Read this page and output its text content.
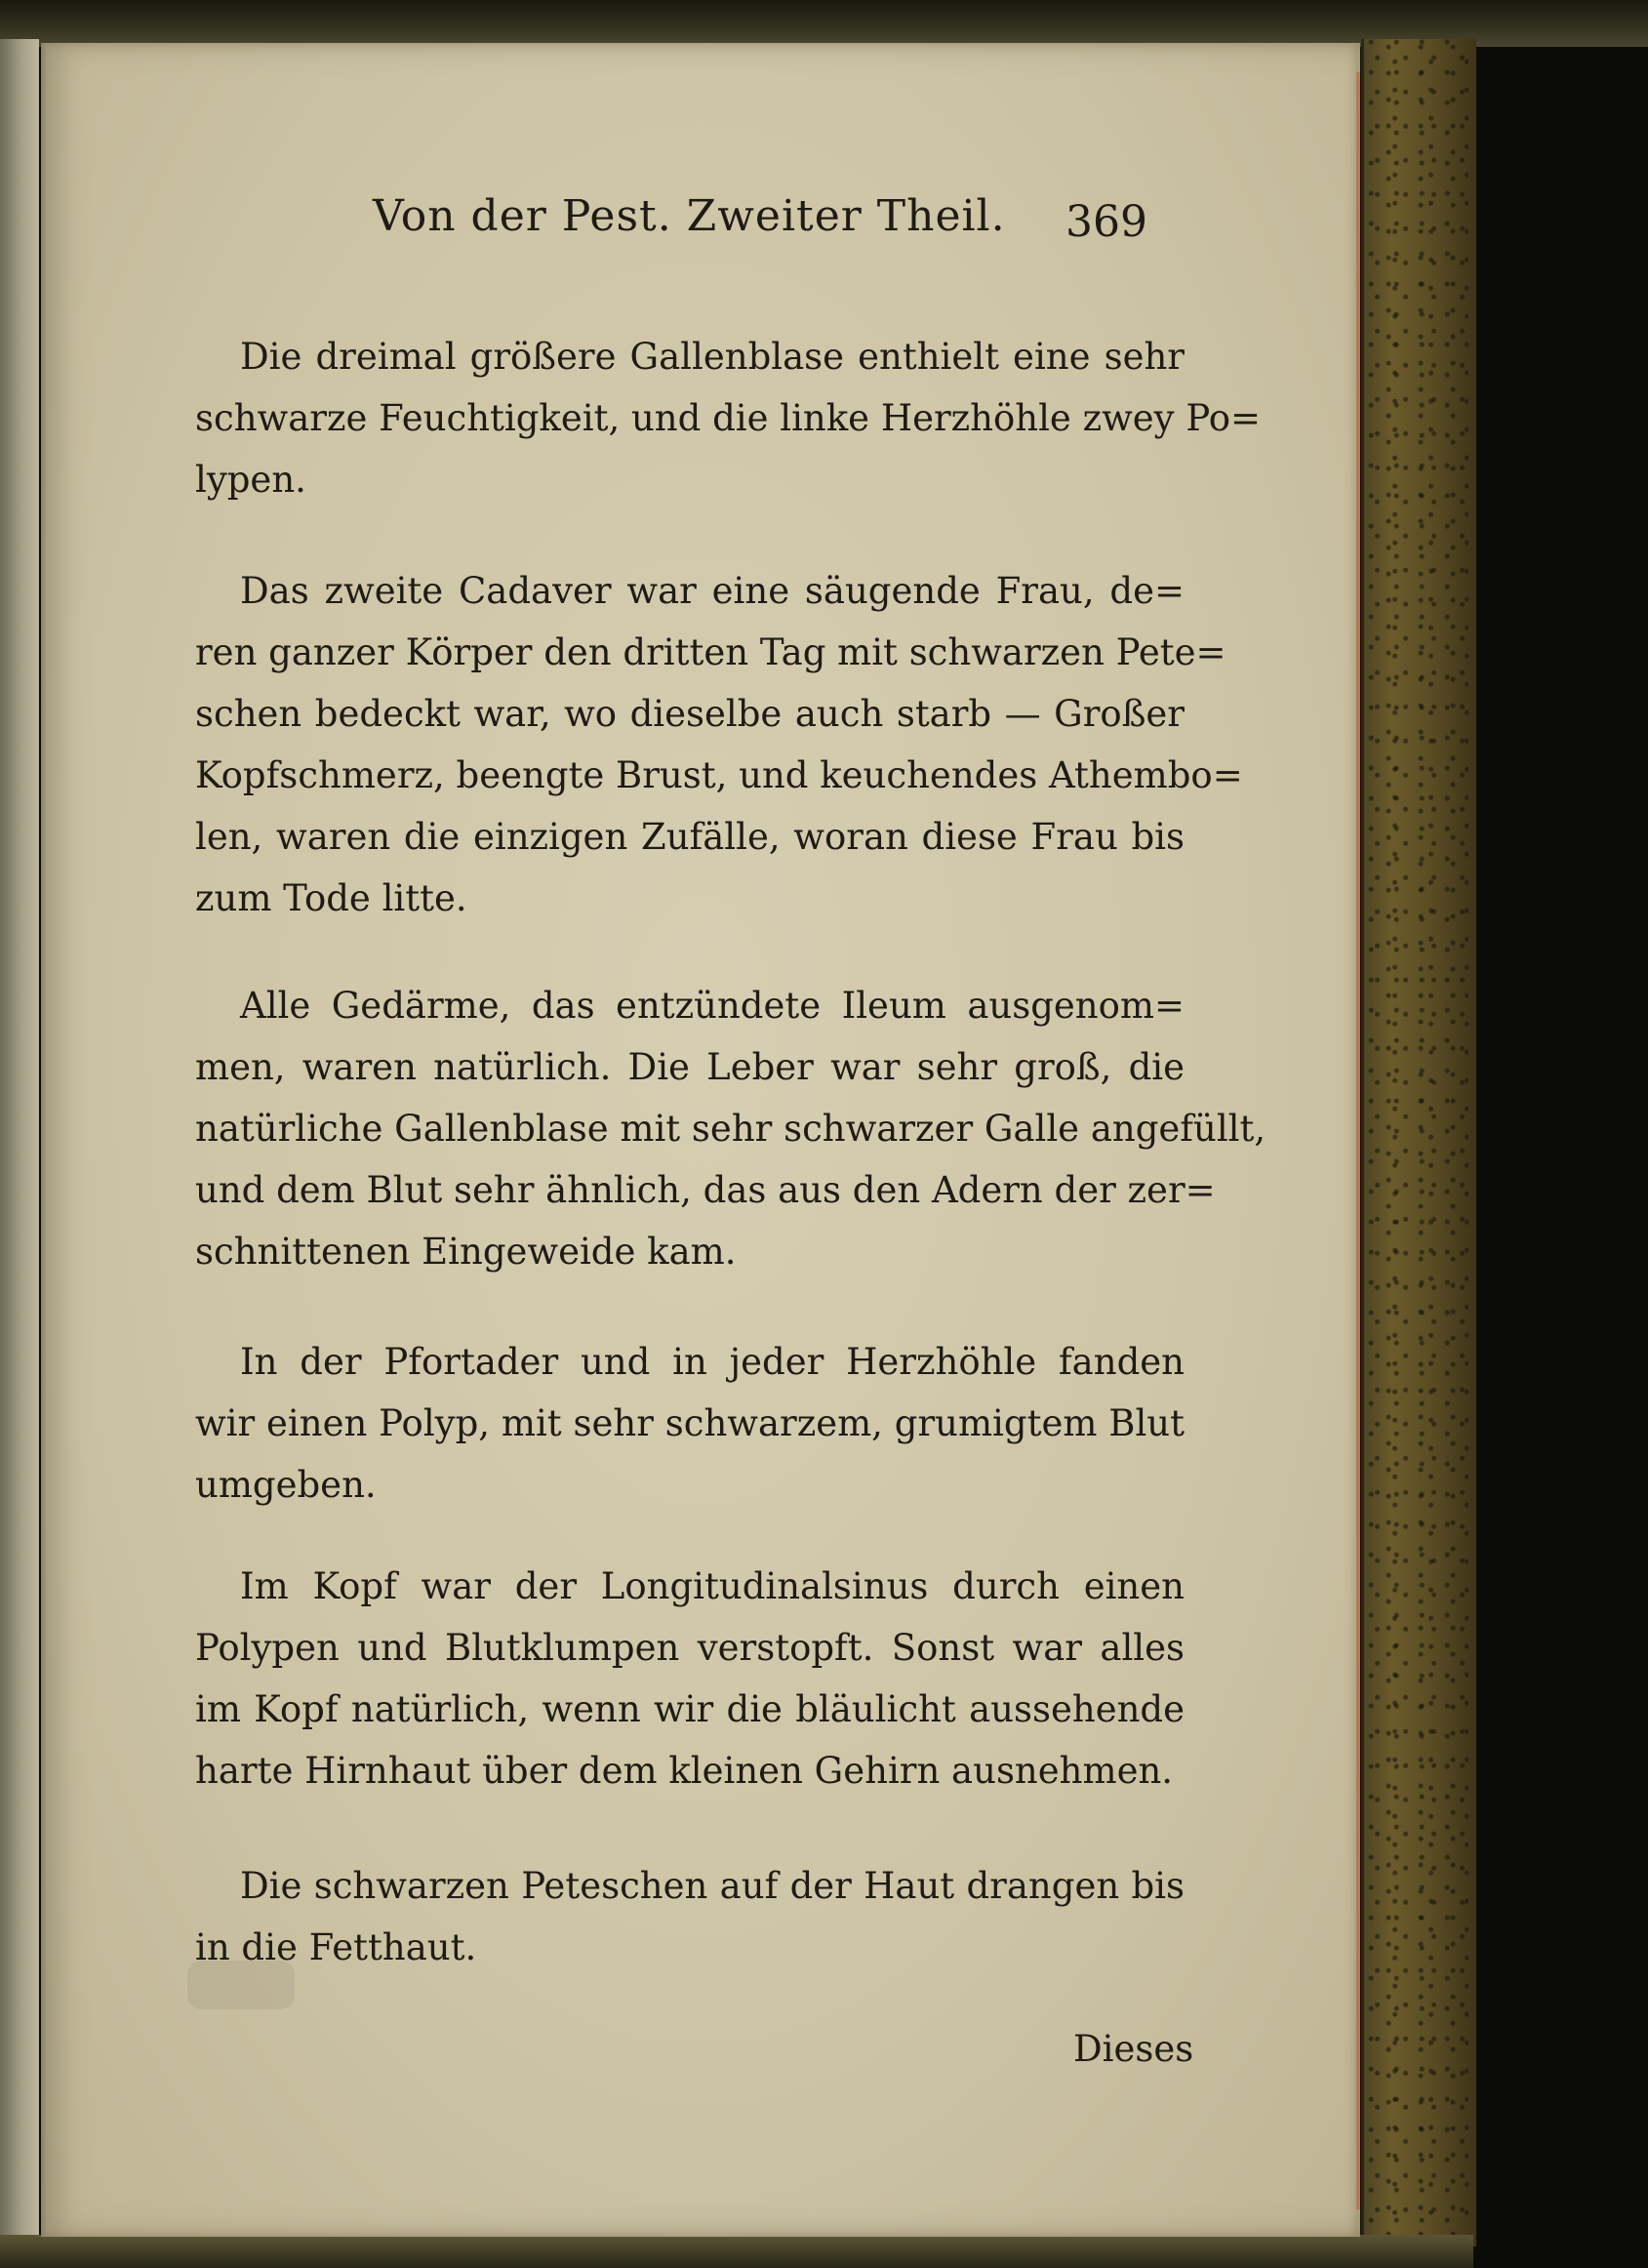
Von der Pest. Zweiter Theil. 369
Die dreimal größere Gallenblase enthielt eine sehr
schwarze Feuchtigkeit, und die linke Herzhöhle zwey Po=
lypen.
Das zweite Cadaver war eine säugende Frau, de=
ren ganzer Körper den dritten Tag mit schwarzen Pete=
schen bedeckt war, wo dieselbe auch starb — Großer
Kopfschmerz, beengte Brust, und keuchendes Athembo=
len, waren die einzigen Zufälle, woran diese Frau bis
zum Tode litte.
Alle Gedärme, das entzündete Ileum ausgenom=
men, waren natürlich. Die Leber war sehr groß, die
natürliche Gallenblase mit sehr schwarzer Galle angefüllt,
und dem Blut sehr ähnlich, das aus den Adern der zer=
schnittenen Eingeweide kam.
In der Pfortader und in jeder Herzhöhle fanden
wir einen Polyp, mit sehr schwarzem, grumigtem Blut
umgeben.
Im Kopf war der Longitudinalsinus durch einen
Polypen und Blutklumpen verstopft. Sonst war alles
im Kopf natürlich, wenn wir die bläulicht aussehende
harte Hirnhaut über dem kleinen Gehirn ausnehmen.
Die schwarzen Peteschen auf der Haut drangen bis
in die Fetthaut.
Dieses
